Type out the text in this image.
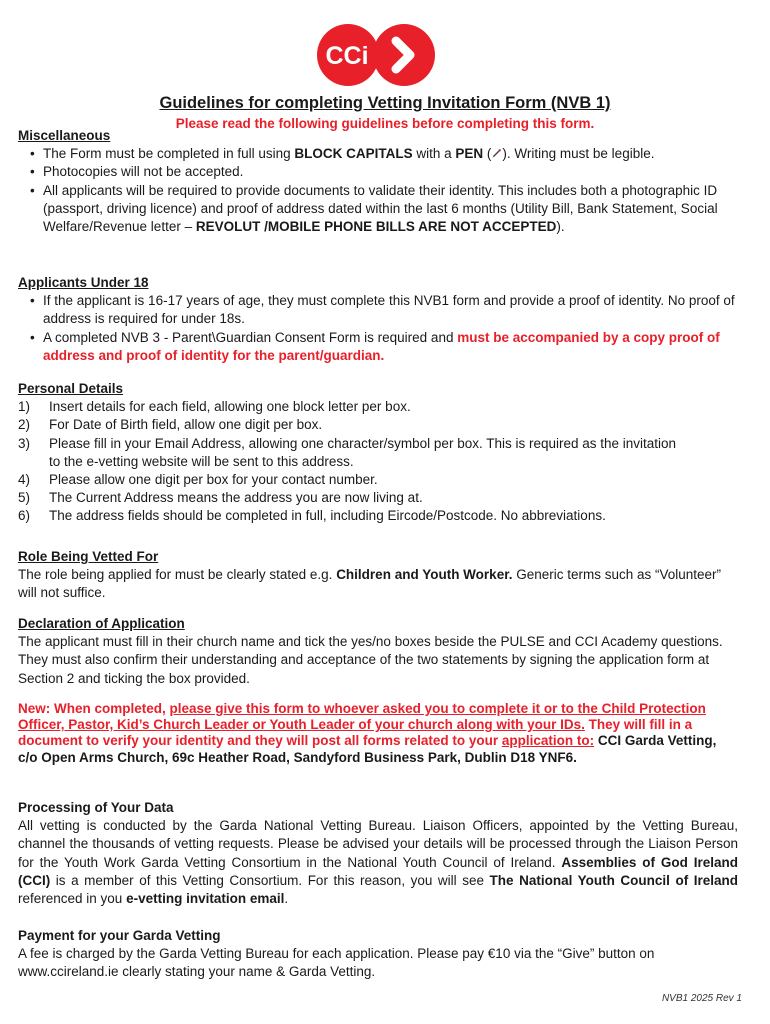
CCi
Guidelines for completing Vetting Invitation Form (NVB 1)
Please read the following guidelines before completing this form.
Miscellaneous
• The Form must be completed in full using BLOCK CAPITALS with a PEN ( ). Writing must be legible.
• Photocopies will not be accepted.
• All applicants will be required to provide documents to validate their identity. This includes both a photographic ID (passport, driving licence) and proof of address dated within the last 6 months (Utility Bill, Bank Statement, Social Welfare/Revenue letter – REVOLUT /MOBILE PHONE BILLS ARE NOT ACCEPTED).
Applicants Under 18
• If the applicant is 16-17 years of age, they must complete this NVB1 form and provide a proof of identity. No proof of address is required for under 18s.
• A completed NVB 3 - Parent\Guardian Consent Form is required and must be accompanied by a copy proof of address and proof of identity for the parent/guardian.
Personal Details
1) Insert details for each field, allowing one block letter per box.
2) For Date of Birth field, allow one digit per box.
3) Please fill in your Email Address, allowing one character/symbol per box. This is required as the invitation to the e-vetting website will be sent to this address.
4) Please allow one digit per box for your contact number.
5) The Current Address means the address you are now living at.
6) The address fields should be completed in full, including Eircode/Postcode. No abbreviations.
Role Being Vetted For

The role being applied for must be clearly stated e.g. Children and Youth Worker. Generic terms such as “Volunteer” will not suffice.

Declaration of Application

The applicant must fill in their church name and tick the yes/no boxes beside the PULSE and CCI Academy questions. They must also confirm their understanding and acceptance of the two statements by signing the application form at Section 2 and ticking the box provided.

New: When completed, please give this form to whoever asked you to complete it or to the Child Protection Officer, Pastor, Kid’s Church Leader or Youth Leader of your church along with your IDs. They will fill in a document to verify your identity and they will post all forms related to your application to: CCI Garda Vetting, c/o Open Arms Church, 69c Heather Road, Sandyford Business Park, Dublin D18 YNF6.

Processing of Your Data

All vetting is conducted by the Garda National Vetting Bureau. Liaison Officers, appointed by the Vetting Bureau, channel the thousands of vetting requests. Please be advised your details will be processed through the Liaison Person for the Youth Work Garda Vetting Consortium in the National Youth Council of Ireland. Assemblies of God Ireland (CCI) is a member of this Vetting Consortium. For this reason, you will see The National Youth Council of Ireland referenced in you e-vetting invitation email.

Payment for your Garda Vetting

A fee is charged by the Garda Vetting Bureau for each application. Please pay €10 via the “Give” button on www.ccireland.ie clearly stating your name & Garda Vetting.

NVB1 2025 Rev 1
